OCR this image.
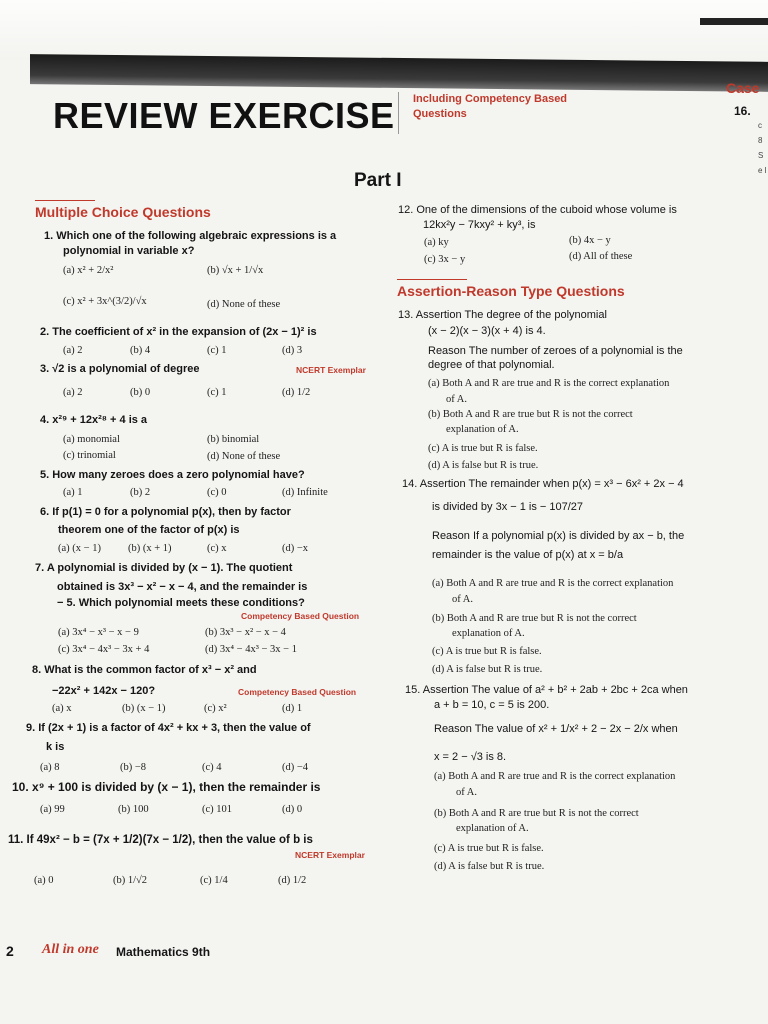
REVIEW EXERCISE Including Competency Based Questions
Case
16.
c 8 S e l
Part I
Multiple Choice Questions
1. Which one of the following algebraic expressions is a
polynomial in variable x?
(a) x² + 2/x²	(b) √x + 1/√x
(c) x² + 3x^(3/2)/√x	(d) None of these
2. The coefficient of x² in the expansion of (2x − 1)² is
(a) 2	(b) 4	(c) 1	(d) 3
3. √2 is a polynomial of degree	NCERT Exemplar
(a) 2	(b) 0	(c) 1	(d) 1/2
4. x²⁹ + 12x²⁸ + 4 is a
(a) monomial	(b) binomial
(c) trinomial	(d) None of these
5. How many zeroes does a zero polynomial have?
(a) 1	(b) 2	(c) 0	(d) Infinite
6. If p(1) = 0 for a polynomial p(x), then by factor
theorem one of the factor of p(x) is
(a) (x − 1)	(b) (x + 1)	(c) x	(d) −x
7. A polynomial is divided by (x − 1). The quotient
obtained is 3x³ − x² − x − 4, and the remainder is
− 5. Which polynomial meets these conditions?
Competency Based Question
(a) 3x⁴ − x³ − x − 9	(b) 3x³ − x² − x − 4
(c) 3x⁴ − 4x³ − 3x + 4	(d) 3x⁴ − 4x³ − 3x − 1
8. What is the common factor of x³ − x² and
−22x² + 142x − 120?	Competency Based Question
(a) x	(b) (x − 1)	(c) x²	(d) 1
9. If (2x + 1) is a factor of 4x² + kx + 3, then the value of
k is
(a) 8	(b) −8	(c) 4	(d) −4
10. x⁹ + 100 is divided by (x − 1), then the remainder is
(a) 99	(b) 100	(c) 101	(d) 0
11. If 49x² − b = (7x + 1/2)(7x − 1/2), then the value of b is
NCERT Exemplar
(a) 0	(b) 1/√2	(c) 1/4	(d) 1/2
12. One of the dimensions of the cuboid whose volume is
12kx²y − 7kxy² + ky³, is
(a) ky	(b) 4x − y
(c) 3x − y	(d) All of these
Assertion-Reason Type Questions
13. Assertion The degree of the polynomial
(x − 2)(x − 3)(x + 4) is 4.
Reason The number of zeroes of a polynomial is the
degree of that polynomial.
(a) Both A and R are true and R is the correct explanation
of A.
(b) Both A and R are true but R is not the correct
explanation of A.
(c) A is true but R is false.
(d) A is false but R is true.
14. Assertion The remainder when p(x) = x³ − 6x² + 2x − 4
is divided by 3x − 1 is − 107/27
Reason If a polynomial p(x) is divided by ax − b, the
remainder is the value of p(x) at x = b/a
(a) Both A and R are true and R is the correct explanation
of A.
(b) Both A and R are true but R is not the correct
explanation of A.
(c) A is true but R is false.
(d) A is false but R is true.
15. Assertion The value of a² + b² + 2ab + 2bc + 2ca when
a + b = 10, c = 5 is 200.
Reason The value of x² + 1/x² + 2 − 2x − 2/x when
x = 2 − √3 is 8.
(a) Both A and R are true and R is the correct explanation
of A.
(b) Both A and R are true but R is not the correct
explanation of A.
(c) A is true but R is false.
(d) A is false but R is true.
2 All in one Mathematics 9th
